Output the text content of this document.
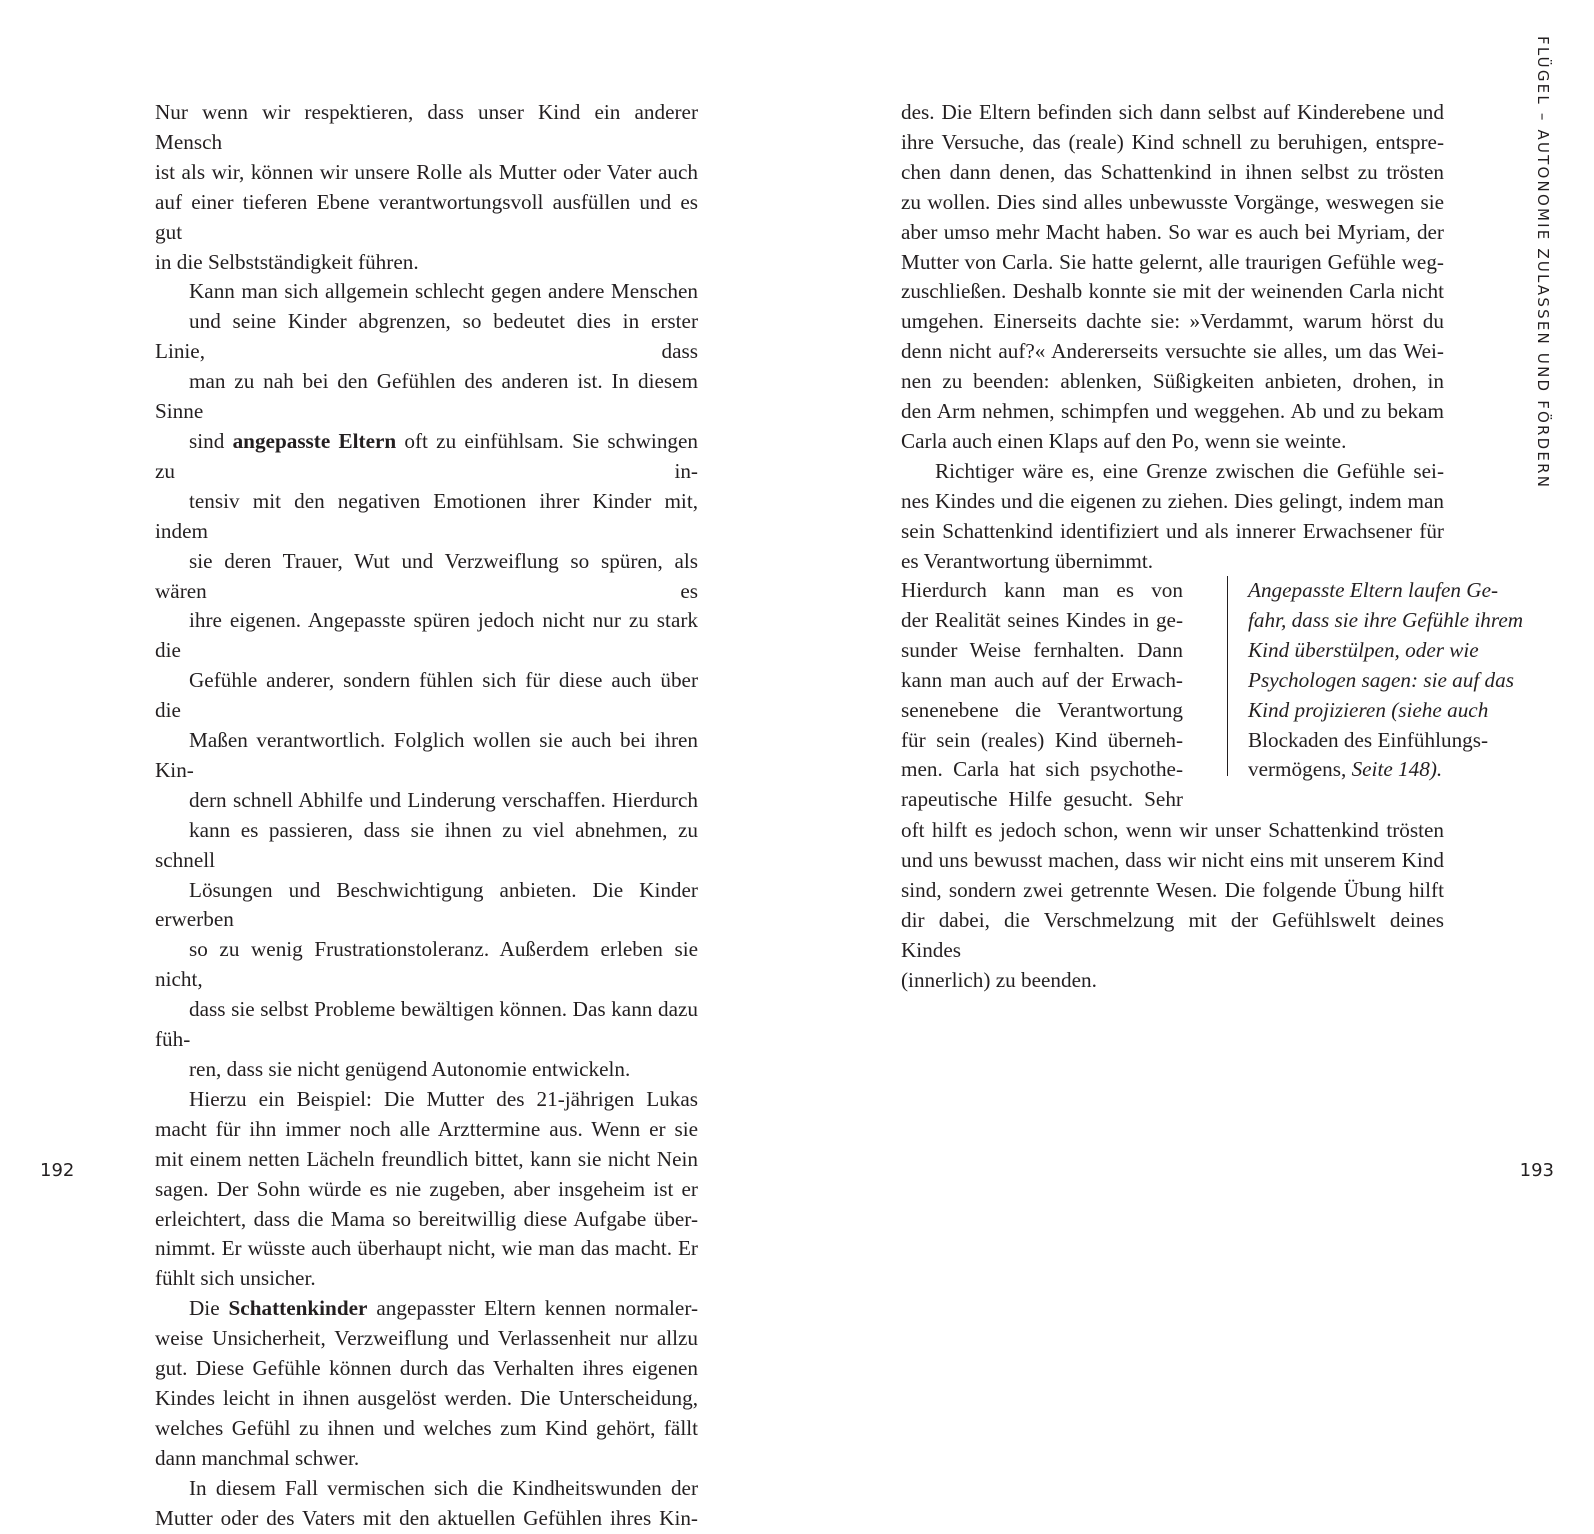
Nur wenn wir respektieren, dass unser Kind ein anderer Mensch
ist als wir, können wir unsere Rolle als Mutter oder Vater auch
auf einer tieferen Ebene verantwortungsvoll ausfüllen und es gut
in die Selbstständigkeit führen.

Kann man sich allgemein schlecht gegen andere Menschen
und seine Kinder abgrenzen, so bedeutet dies in erster Linie, dass
man zu nah bei den Gefühlen des anderen ist. In diesem Sinne
sind angepasste Eltern oft zu einfühlsam. Sie schwingen zu in-
tensiv mit den negativen Emotionen ihrer Kinder mit, indem
sie deren Trauer, Wut und Verzweiflung so spüren, als wären es
ihre eigenen. Angepasste spüren jedoch nicht nur zu stark die
Gefühle anderer, sondern fühlen sich für diese auch über die
Maßen verantwortlich. Folglich wollen sie auch bei ihren Kin-
dern schnell Abhilfe und Linderung verschaffen. Hierdurch
kann es passieren, dass sie ihnen zu viel abnehmen, zu schnell
Lösungen und Beschwichtigung anbieten. Die Kinder erwerben
so zu wenig Frustrationstoleranz. Außerdem erleben sie nicht,
dass sie selbst Probleme bewältigen können. Das kann dazu füh-
ren, dass sie nicht genügend Autonomie entwickeln.

Hierzu ein Beispiel: Die Mutter des 21-jährigen Lukas
macht für ihn immer noch alle Arzttermine aus. Wenn er sie
mit einem netten Lächeln freundlich bittet, kann sie nicht Nein
sagen. Der Sohn würde es nie zugeben, aber insgeheim ist er
erleichtert, dass die Mama so bereitwillig diese Aufgabe über-
nimmt. Er wüsste auch überhaupt nicht, wie man das macht. Er
fühlt sich unsicher.

Die Schattenkinder angepasster Eltern kennen normaler-
weise Unsicherheit, Verzweiflung und Verlassenheit nur allzu
gut. Diese Gefühle können durch das Verhalten ihres eigenen
Kindes leicht in ihnen ausgelöst werden. Die Unterscheidung,
welches Gefühl zu ihnen und welches zum Kind gehört, fällt
dann manchmal schwer.

In diesem Fall vermischen sich die Kindheitswunden der
Mutter oder des Vaters mit den aktuellen Gefühlen ihres Kin-

192

des. Die Eltern befinden sich dann selbst auf Kinderebene und
ihre Versuche, das (reale) Kind schnell zu beruhigen, entspre-
chen dann denen, das Schattenkind in ihnen selbst zu trösten
zu wollen. Dies sind alles unbewusste Vorgänge, weswegen sie
aber umso mehr Macht haben. So war es auch bei Myriam, der
Mutter von Carla. Sie hatte gelernt, alle traurigen Gefühle weg-
zuschließen. Deshalb konnte sie mit der weinenden Carla nicht
umgehen. Einerseits dachte sie: »Verdammt, warum hörst du
denn nicht auf?« Andererseits versuchte sie alles, um das Wei-
nen zu beenden: ablenken, Süßigkeiten anbieten, drohen, in
den Arm nehmen, schimpfen und weggehen. Ab und zu bekam
Carla auch einen Klaps auf den Po, wenn sie weinte.

Richtiger wäre es, eine Grenze zwischen die Gefühle sei-
nes Kindes und die eigenen zu ziehen. Dies gelingt, indem man
sein Schattenkind identifiziert und als innerer Erwachsener für
es Verantwortung übernimmt.

Hierdurch kann man es von
der Realität seines Kindes in ge-
sunder Weise fernhalten. Dann
kann man auch auf der Erwach-
senenebene die Verantwortung
für sein (reales) Kind überneh-
men. Carla hat sich psychothe-
rapeutische Hilfe gesucht. Sehr
Angepasste Eltern laufen Ge-
fahr, dass sie ihre Gefühle ihrem
Kind überstülpen, oder wie
Psychologen sagen: sie auf das
Kind projizieren (siehe auch
Blockaden des Einfühlungs-
vermögens, Seite 148).
oft hilft es jedoch schon, wenn wir unser Schattenkind trösten
und uns bewusst machen, dass wir nicht eins mit unserem Kind
sind, sondern zwei getrennte Wesen. Die folgende Übung hilft
dir dabei, die Verschmelzung mit der Gefühlswelt deines Kindes
(innerlich) zu beenden.
FLÜGEL – AUTONOMIE ZULASSEN UND FÖRDERN
193
